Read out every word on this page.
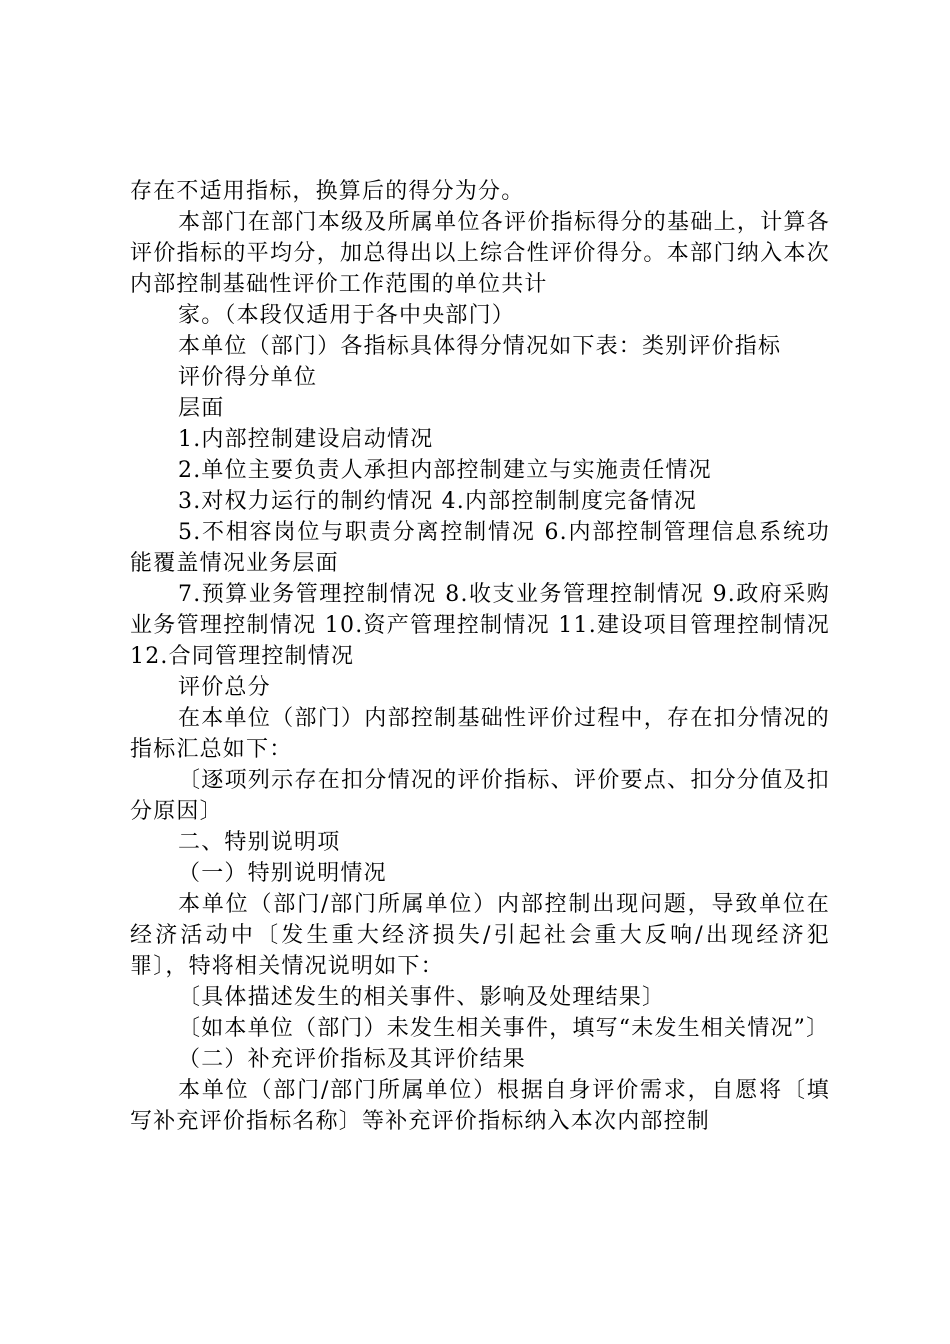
存在不适用指标，换算后的得分为分。

本部门在部门本级及所属单位各评价指标得分的基础上，计算各评价指标的平均分，加总得出以上综合性评价得分。本部门纳入本次内部控制基础性评价工作范围的单位共计

家。（本段仅适用于各中央部门）

本单位（部门）各指标具体得分情况如下表：类别评价指标

评价得分单位

层面

1.内部控制建设启动情况

2.单位主要负责人承担内部控制建立与实施责任情况

3.对权力运行的制约情况 4.内部控制制度完备情况

5.不相容岗位与职责分离控制情况 6.内部控制管理信息系统功能覆盖情况业务层面

7.预算业务管理控制情况 8.收支业务管理控制情况 9.政府采购业务管理控制情况 10.资产管理控制情况 11.建设项目管理控制情况 12.合同管理控制情况

评价总分

在本单位（部门）内部控制基础性评价过程中，存在扣分情况的指标汇总如下：

〔逐项列示存在扣分情况的评价指标、评价要点、扣分分值及扣分原因〕

二、特别说明项

（一）特别说明情况

本单位（部门/部门所属单位）内部控制出现问题，导致单位在经济活动中〔发生重大经济损失/引起社会重大反响/出现经济犯罪〕，特将相关情况说明如下：

〔具体描述发生的相关事件、影响及处理结果〕

〔如本单位（部门）未发生相关事件，填写“未发生相关情况”〕

（二）补充评价指标及其评价结果

本单位（部门/部门所属单位）根据自身评价需求，自愿将〔填写补充评价指标名称〕等补充评价指标纳入本次内部控制
